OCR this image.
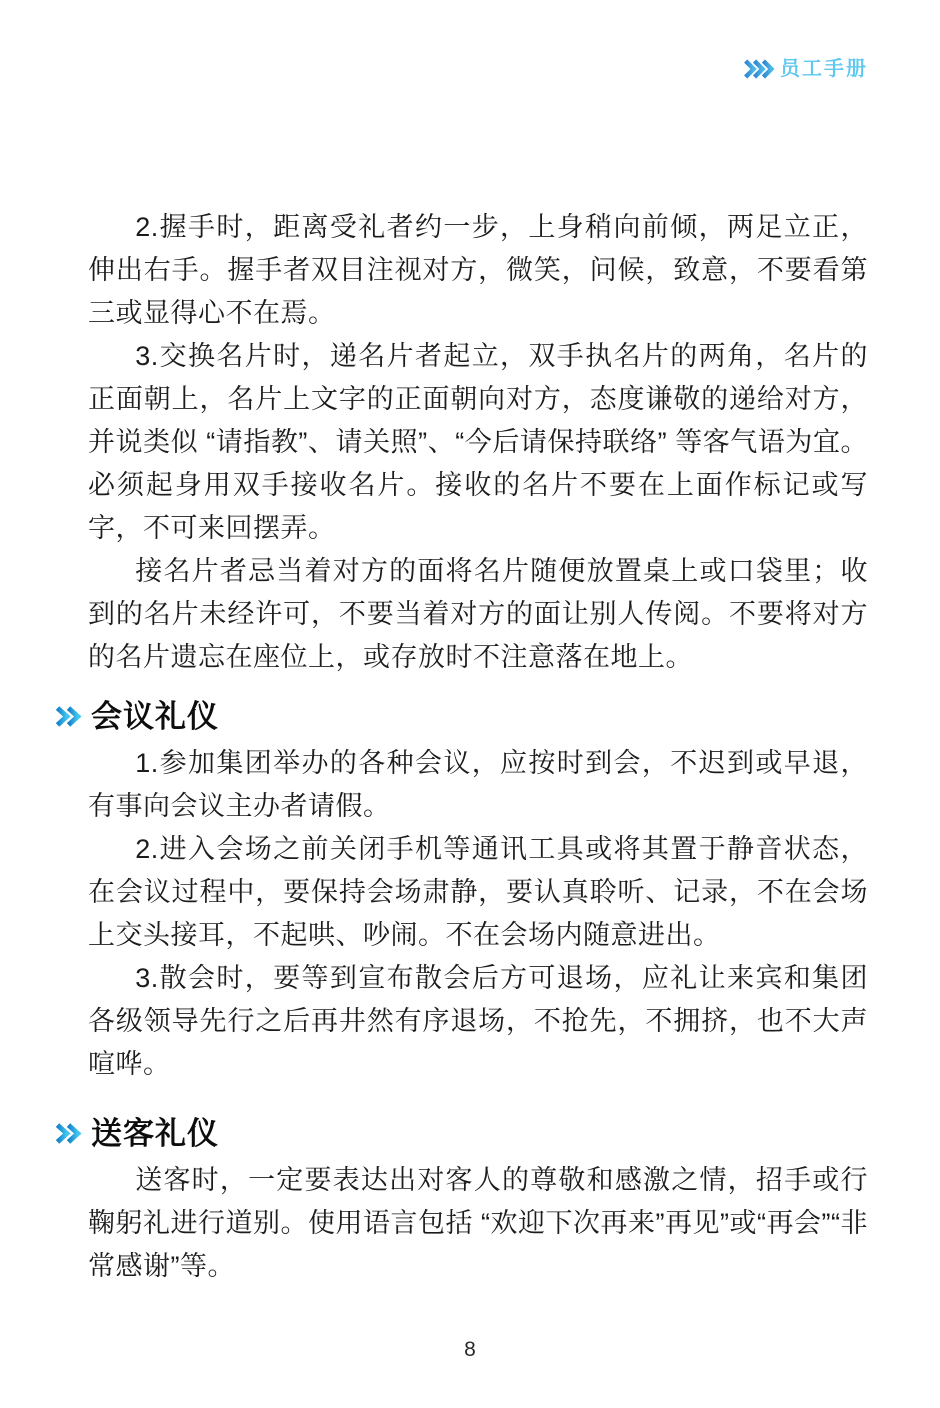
员工手册

2.握手时，距离受礼者约一步，上身稍向前倾，两足立正，伸出右手。握手者双目注视对方，微笑，问候，致意，不要看第三或显得心不在焉。

3.交换名片时，递名片者起立，双手执名片的两角，名片的正面朝上，名片上文字的正面朝向对方，态度谦敬的递给对方，并说类似 “请指教”、请关照”、“今后请保持联络” 等客气语为宜。必须起身用双手接收名片。接收的名片不要在上面作标记或写字，不可来回摆弄。

接名片者忌当着对方的面将名片随便放置桌上或口袋里；收到的名片未经许可，不要当着对方的面让别人传阅。不要将对方的名片遗忘在座位上，或存放时不注意落在地上。

会议礼仪

1.参加集团举办的各种会议，应按时到会，不迟到或早退，有事向会议主办者请假。

2.进入会场之前关闭手机等通讯工具或将其置于静音状态，在会议过程中，要保持会场肃静，要认真聆听、记录，不在会场上交头接耳，不起哄、吵闹。不在会场内随意进出。

3.散会时，要等到宣布散会后方可退场，应礼让来宾和集团各级领导先行之后再井然有序退场，不抢先，不拥挤，也不大声喧哗。

送客礼仪

送客时，一定要表达出对客人的尊敬和感激之情，招手或行鞠躬礼进行道别。使用语言包括 “欢迎下次再来”再见”或“再会”“非常感谢”等。

8
